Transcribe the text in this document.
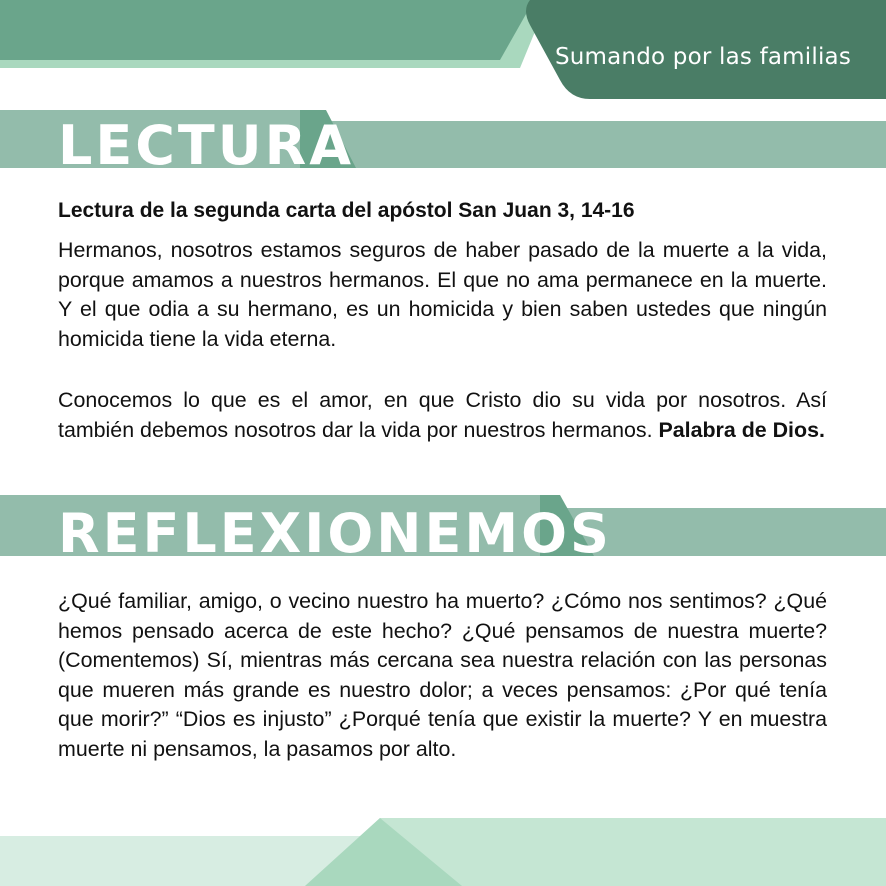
Sumando por las familias
LECTURA
Lectura de la segunda carta del apóstol San Juan 3, 14-16

Hermanos, nosotros estamos seguros de haber pasado de la muerte a la vida, porque amamos a nuestros hermanos. El que no ama permanece en la muerte. Y el que odia a su hermano, es un homicida y bien saben ustedes que ningún homicida tiene la vida eterna.

Conocemos lo que es el amor, en que Cristo dio su vida por nosotros. Así también debemos nosotros dar la vida por nuestros hermanos. Palabra de Dios.

REFLEXIONEMOS

¿Qué familiar, amigo, o vecino nuestro ha muerto? ¿Cómo nos sentimos? ¿Qué hemos pensado acerca de este hecho? ¿Qué pensamos de nuestra muerte? (Comentemos) Sí, mientras más cercana sea nuestra relación con las personas que mueren más grande es nuestro dolor; a veces pensamos: ¿Por qué tenía que morir?” “Dios es injusto” ¿Porqué tenía que existir la muerte? Y en muestra muerte ni pensamos, la pasamos por alto.
